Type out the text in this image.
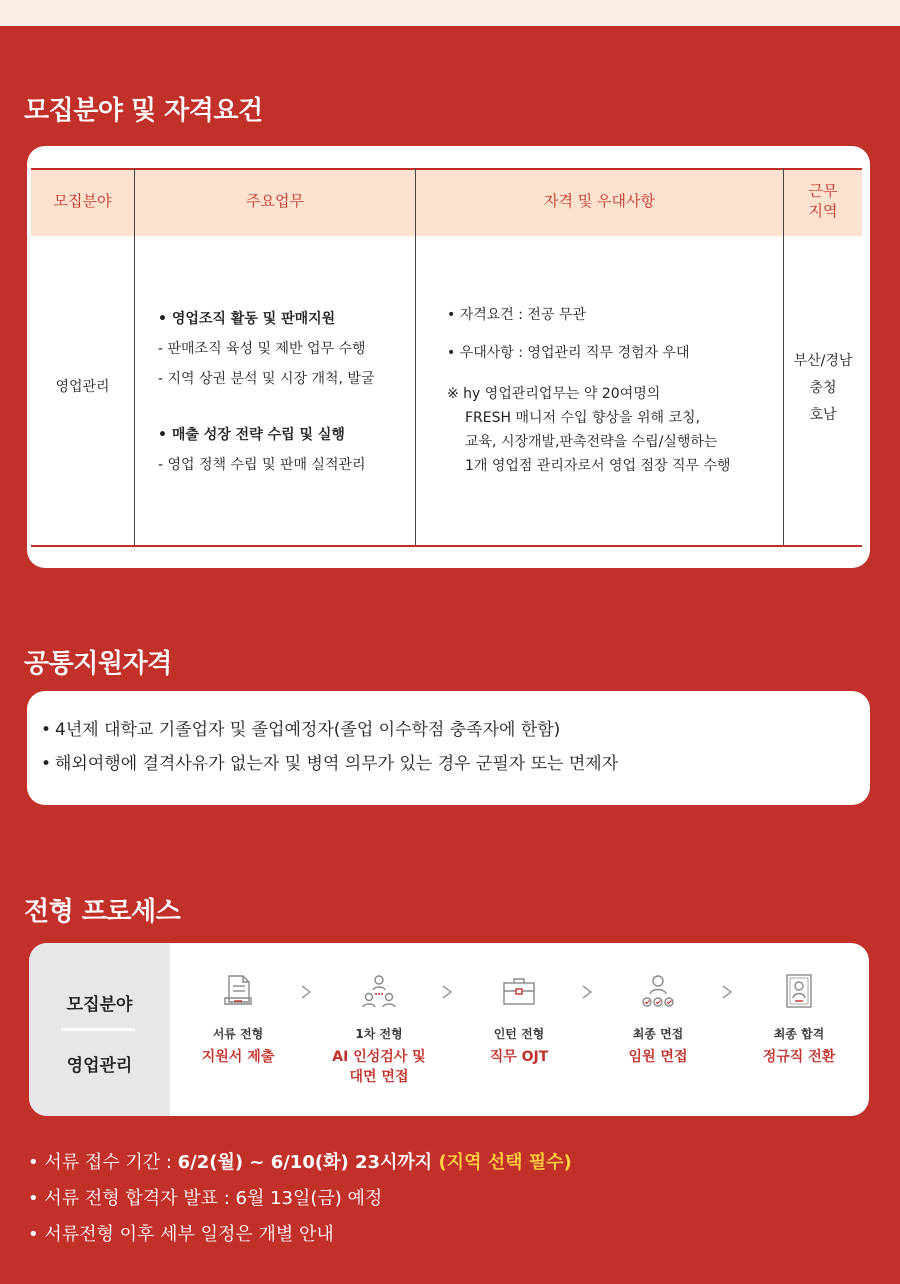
모집분야 및 자격요건
모집분야	주요업무	자격 및 우대사항
근무
지역
영업관리
• 영업조직 활동 및 판매지원
- 판매조직 육성 및 제반 업무 수행
- 지역 상권 분석 및 시장 개척, 발굴
• 매출 성장 전략 수립 및 실행
- 영업 정책 수립 및 판매 실적관리
• 자격요건 : 전공 무관
• 우대사항 : 영업관리 직무 경험자 우대
※ hy 영업관리업무는 약 20여명의
FRESH 매니저 수입 향상을 위해 코칭,
교육, 시장개발,판촉전략을 수립/실행하는
1개 영업점 관리자로서 영업 점장 직무 수행
부산/경남
충청
호남
공통지원자격
• 4년제 대학교 기졸업자 및 졸업예정자(졸업 이수학점 충족자에 한함)
• 해외여행에 결격사유가 없는자 및 병역 의무가 있는 경우 군필자 또는 면제자
전형 프로세스
모집분야
영업관리
서류 전형
지원서 제출
1차 전형
AI 인성검사 및
대면 면접
인턴 전형
직무 OJT
최종 면접
임원 면접
최종 합격
정규직 전환
• 서류 접수 기간 : 6/2(월) ~ 6/10(화) 23시까지 (지역 선택 필수)
• 서류 전형 합격자 발표 : 6월 13일(금) 예정
• 서류전형 이후 세부 일정은 개별 안내
